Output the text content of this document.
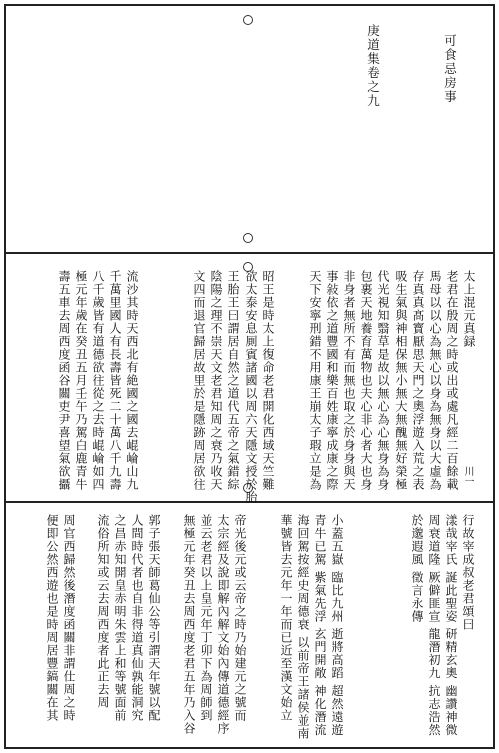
可食忌房事
庚道集卷之九
川一
太上混元真録
老君在殷周之時或出或處凡經二百餘載
馬母以以心為無心以身為無身以大虛為
存真真髙寳厭思天門之奧浮遊入荒之表
吸生氣與神相保無小無大無醜無好榮極
代光視知翳草是故以無心為心無身為身
包裹天地養育萬物也夫心非心者大也身
非身者無所不有而無也取之於身身與天
事敍依之道豐國和樂百姓康寧成康之際
天下安寧刑錯不用康王崩太子瑕立是為
昭王是時太上復命老君開化西域天竺難
欲太泰安息厠賓諸國以周六天隱文授於胎
王胎王曰謂居自然之道代五帝之氣錯綜
陰陽之理不崇天文老君知周之衰乃收天
文四而退官歸居故里於是隱跡周居欲往
流沙其時天西北有絶國之國去崐崘山九
千萬里國人有長壽皆死二十萬八千九壽
八千歲皆有道德欲往從之去時崐崘如四
極元年歲在癸丑五月壬午乃駕白鹿青牛
壽五車去周西度函谷關吏尹喜望氣欲攝
行故宰成叔老君頌曰
漾哉宰氏 誕此聖姿 研精玄奧 幽讚神微
周衰道隆 厥僻匪宣 龍潛初九 抗志浩然
於邈遐風 徵言永傳
小蓋五嶽 臨比九州 逝將高蹈 超然遠遊
青牛已駕 紫氣先浮 玄門開敞 神化潛流
海回駕按經史周德衰 以前帝王諸侯並南
華號皆去元年一年而已近至漢文始立
帝光後元或云帝之時乃始建元之號而
太宗經及說即解內解文始內傳道德經序
並云老君以上皇元年丁卯下為周師到
無極元年癸丑去周西度老君五年乃入谷
郭子張天師葛仙公等引謂天年號以配
人間時代者也自非得道真仙孰能洞究
之昌赤知開皇赤明朱雲上和等號面前
流俗所知或云去周西度者此正去周
周官西歸然後潛度函關非謂仕周之時
便即公然西遊也是時周居豐鎬關在其
